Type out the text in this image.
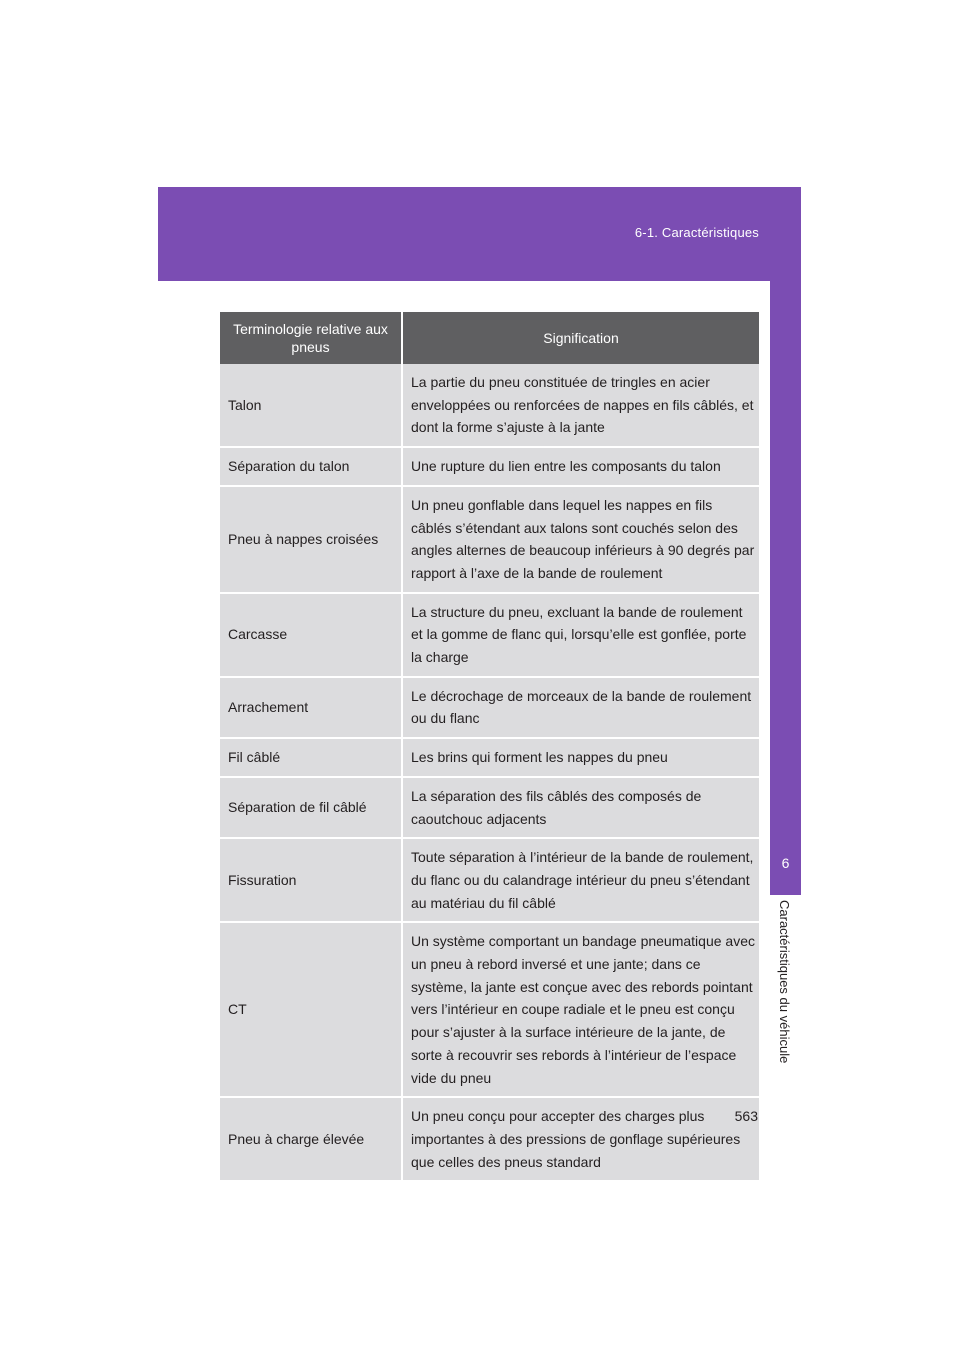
6-1. Caractéristiques
6
Caractéristiques du véhicule
Terminologie relative aux pneus	Signification
Talon	La partie du pneu constituée de tringles en acier enveloppées ou renforcées de nappes en fils câblés, et dont la forme s’ajuste à la jante
Séparation du talon	Une rupture du lien entre les composants du talon
Pneu à nappes croisées	Un pneu gonflable dans lequel les nappes en fils câblés s’étendant aux talons sont couchés selon des angles alternes de beaucoup inférieurs à 90 degrés par rapport à l’axe de la bande de roulement
Carcasse	La structure du pneu, excluant la bande de roulement et la gomme de flanc qui, lorsqu’elle est gonflée, porte la charge
Arrachement	Le décrochage de morceaux de la bande de roulement ou du flanc
Fil câblé	Les brins qui forment les nappes du pneu
Séparation de fil câblé	La séparation des fils câblés des composés de caoutchouc adjacents
Fissuration	Toute séparation à l’intérieur de la bande de roulement, du flanc ou du calandrage intérieur du pneu s’étendant au matériau du fil câblé
CT	Un système comportant un bandage pneumatique avec un pneu à rebord inversé et une jante; dans ce système, la jante est conçue avec des rebords pointant vers l’intérieur en coupe radiale et le pneu est conçu pour s’ajuster à la surface intérieure de la jante, de sorte à recouvrir ses rebords à l’intérieur de l’espace vide du pneu
Pneu à charge élevée	Un pneu conçu pour accepter des charges plus importantes à des pressions de gonflage supérieures que celles des pneus standard
563
